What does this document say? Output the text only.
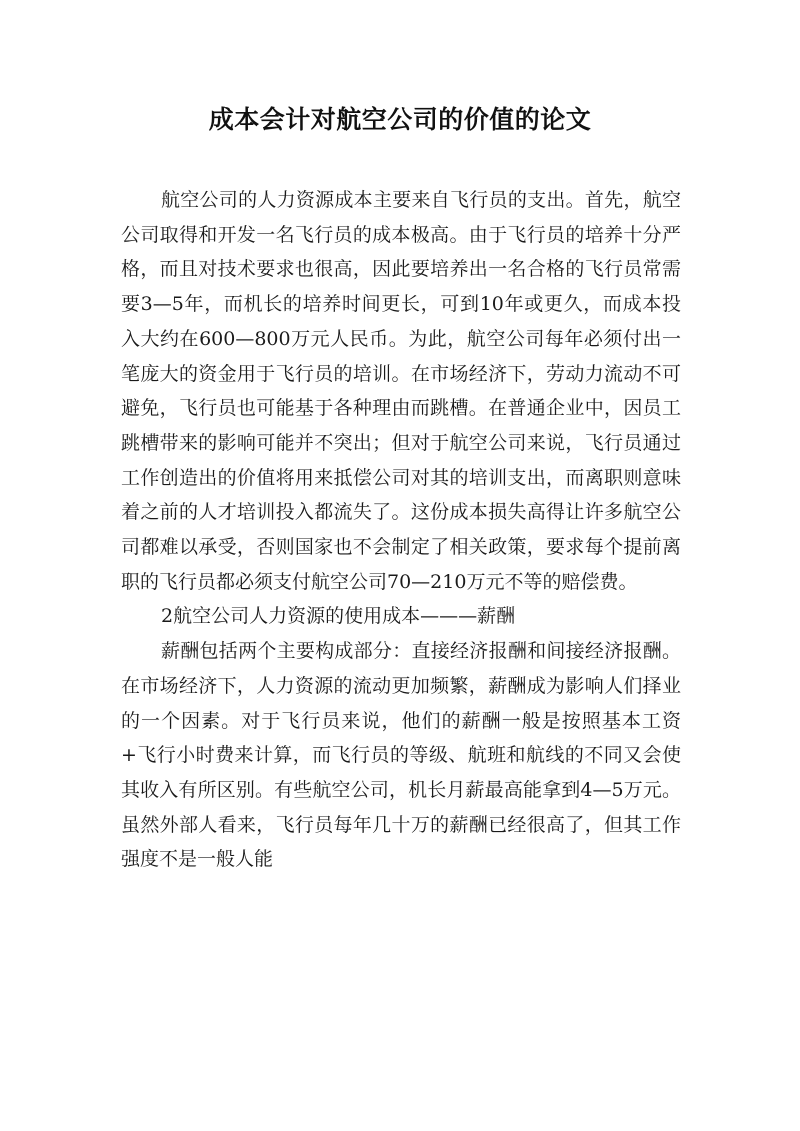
成本会计对航空公司的价值的论文

航空公司的人力资源成本主要来自飞行员的支出。首先，航空公司取得和开发一名飞行员的成本极高。由于飞行员的培养十分严格，而且对技术要求也很高，因此要培养出一名合格的飞行员常需要3—5年，而机长的培养时间更长，可到10年或更久，而成本投入大约在600—800万元人民币。为此，航空公司每年必须付出一笔庞大的资金用于飞行员的培训。在市场经济下，劳动力流动不可避免，飞行员也可能基于各种理由而跳槽。在普通企业中，因员工跳槽带来的影响可能并不突出；但对于航空公司来说，飞行员通过工作创造出的价值将用来抵偿公司对其的培训支出，而离职则意味着之前的人才培训投入都流失了。这份成本损失高得让许多航空公司都难以承受，否则国家也不会制定了相关政策，要求每个提前离职的飞行员都必须支付航空公司70—210万元不等的赔偿费。

2航空公司人力资源的使用成本———薪酬

薪酬包括两个主要构成部分：直接经济报酬和间接经济报酬。在市场经济下，人力资源的流动更加频繁，薪酬成为影响人们择业的一个因素。对于飞行员来说，他们的薪酬一般是按照基本工资+飞行小时费来计算，而飞行员的等级、航班和航线的不同又会使其收入有所区别。有些航空公司，机长月薪最高能拿到4—5万元。虽然外部人看来，飞行员每年几十万的薪酬已经很高了，但其工作强度不是一般人能
